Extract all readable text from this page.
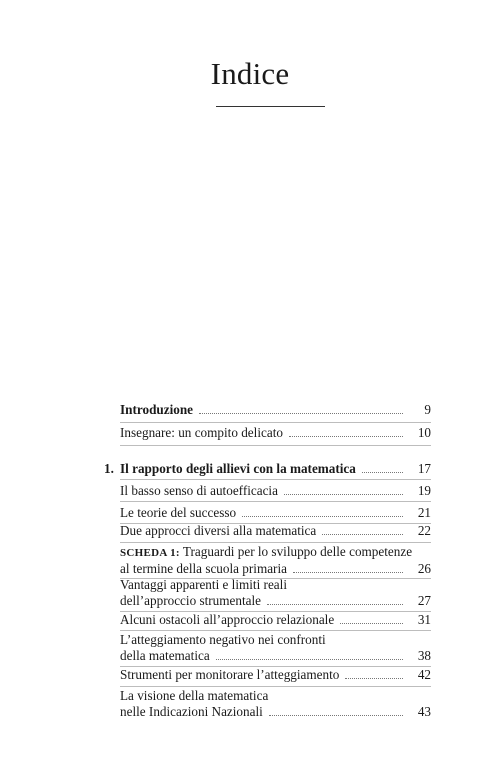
Indice
Introduzione	9
Insegnare: un compito delicato	10
1. Il rapporto degli allievi con la matematica	17
Il basso senso di autoefficacia	19
Le teorie del successo	21
Due approcci diversi alla matematica	22
SCHEDA 1: Traguardi per lo sviluppo delle competenze
al termine della scuola primaria	26
Vantaggi apparenti e limiti reali
dell’approccio strumentale	27
Alcuni ostacoli all’approccio relazionale	31
L’atteggiamento negativo nei confronti
della matematica	38
Strumenti per monitorare l’atteggiamento	42
La visione della matematica
nelle Indicazioni Nazionali	43
